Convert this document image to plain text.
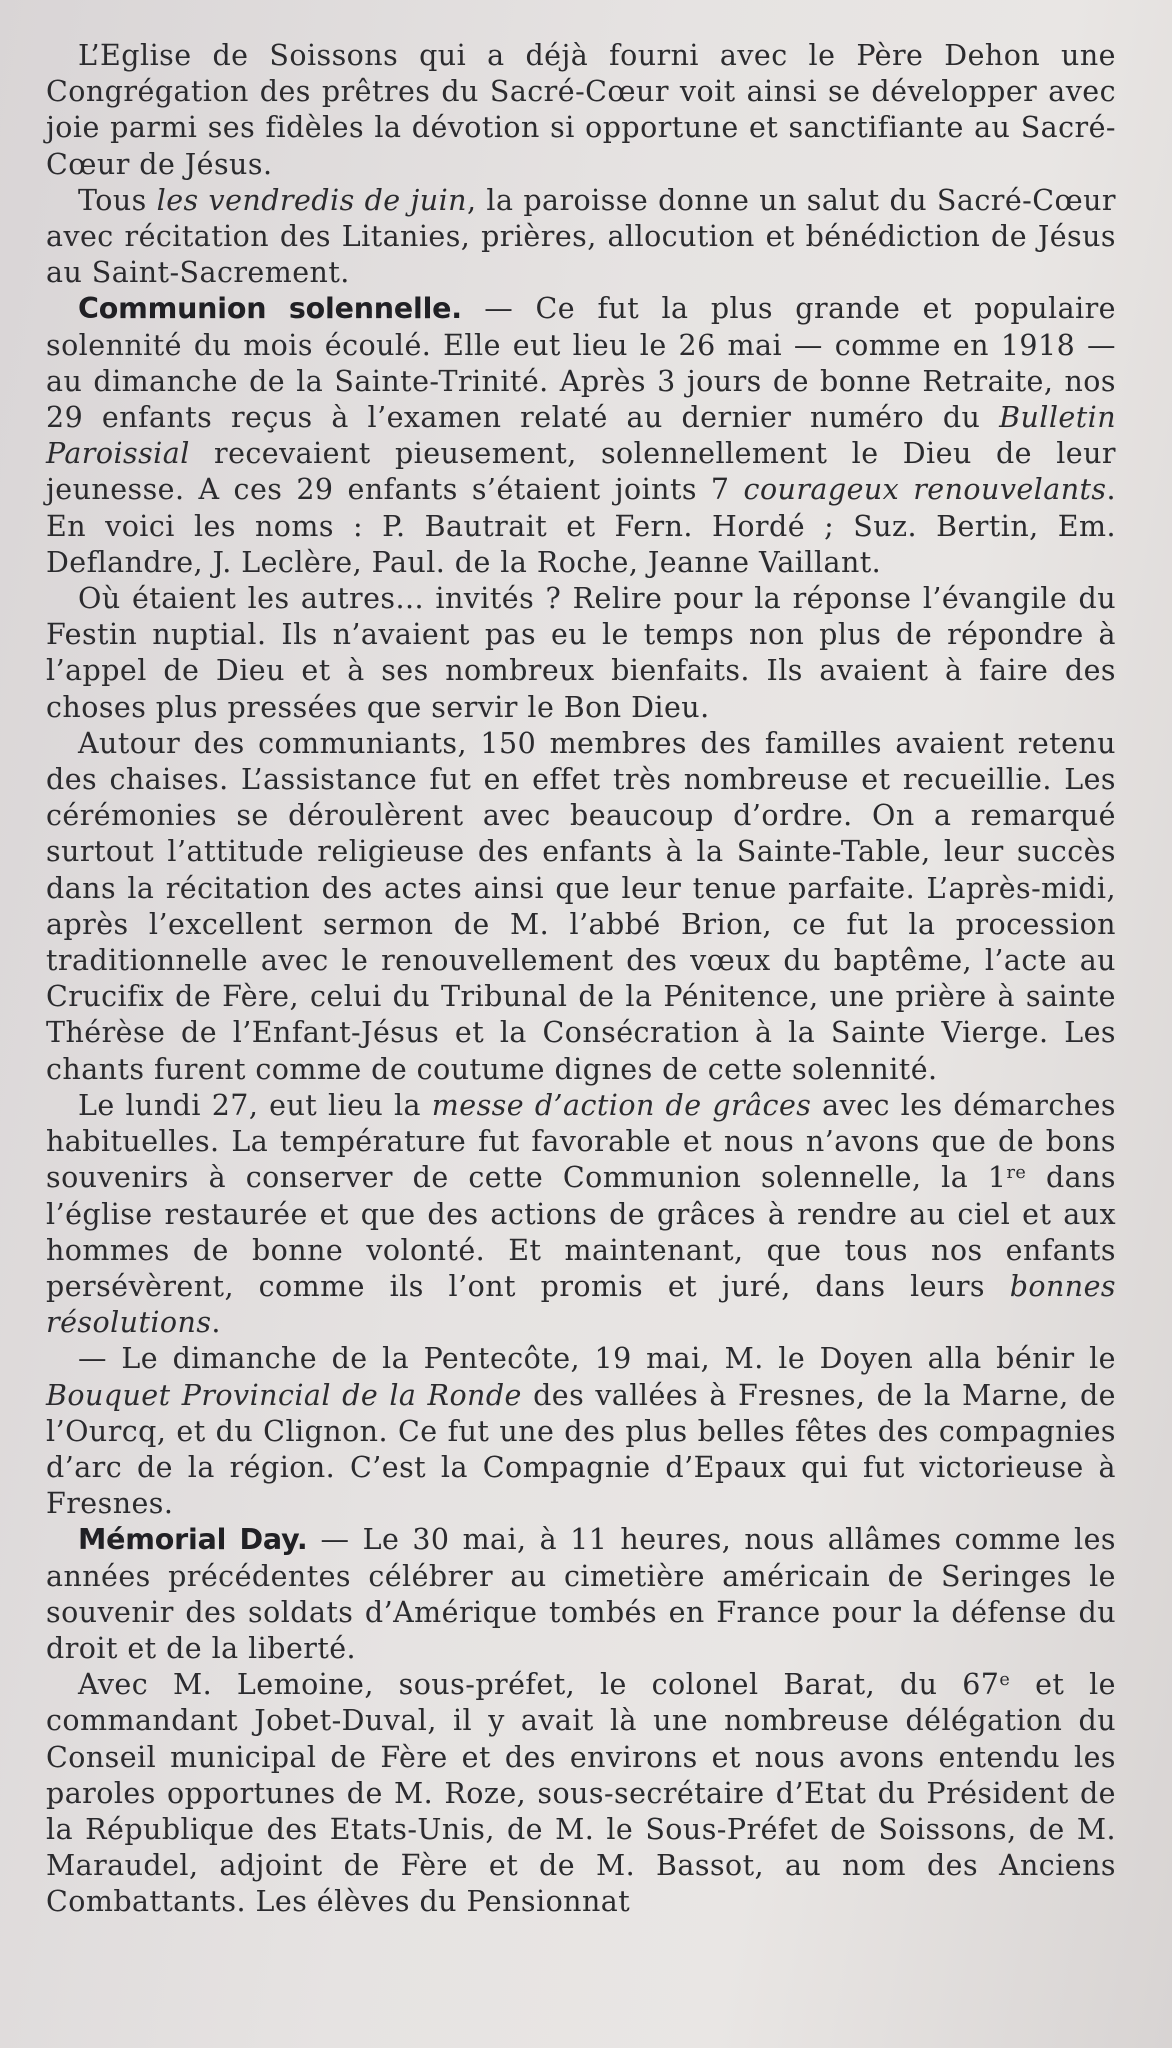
L’Eglise de Soissons qui a déjà fourni avec le Père Dehon une Congrégation des prêtres du Sacré-Cœur voit ainsi se développer avec joie parmi ses fidèles la dévotion si opportune et sanctifiante au Sacré-Cœur de Jésus.

Tous les vendredis de juin, la paroisse donne un salut du Sacré-Cœur avec récitation des Litanies, prières, allocution et bénédiction de Jésus au Saint-Sacrement.

Communion solennelle. — Ce fut la plus grande et populaire solennité du mois écoulé. Elle eut lieu le 26 mai — comme en 1918 — au dimanche de la Sainte-Trinité. Après 3 jours de bonne Retraite, nos 29 enfants reçus à l’examen relaté au dernier numéro du Bulletin Paroissial recevaient pieusement, solennellement le Dieu de leur jeunesse. A ces 29 enfants s’étaient joints 7 courageux renouvelants. En voici les noms : P. Bautrait et Fern. Hordé ; Suz. Bertin, Em. Deflandre, J. Leclère, Paul. de la Roche, Jeanne Vaillant.

Où étaient les autres... invités ? Relire pour la réponse l’évangile du Festin nuptial. Ils n’avaient pas eu le temps non plus de répondre à l’appel de Dieu et à ses nombreux bienfaits. Ils avaient à faire des choses plus pressées que servir le Bon Dieu.

Autour des communiants, 150 membres des familles avaient retenu des chaises. L’assistance fut en effet très nombreuse et recueillie. Les cérémonies se déroulèrent avec beaucoup d’ordre. On a remarqué surtout l’attitude religieuse des enfants à la Sainte-Table, leur succès dans la récitation des actes ainsi que leur tenue parfaite. L’après-midi, après l’excellent sermon de M. l’abbé Brion, ce fut la procession traditionnelle avec le renouvellement des vœux du baptême, l’acte au Crucifix de Fère, celui du Tribunal de la Pénitence, une prière à sainte Thérèse de l’Enfant-Jésus et la Consécration à la Sainte Vierge. Les chants furent comme de coutume dignes de cette solennité.

Le lundi 27, eut lieu la messe d’action de grâces avec les démarches habituelles. La température fut favorable et nous n’avons que de bons souvenirs à conserver de cette Communion solennelle, la 1re dans l’église restaurée et que des actions de grâces à rendre au ciel et aux hommes de bonne volonté. Et maintenant, que tous nos enfants persévèrent, comme ils l’ont promis et juré, dans leurs bonnes résolutions.

— Le dimanche de la Pentecôte, 19 mai, M. le Doyen alla bénir le Bouquet Provincial de la Ronde des vallées à Fresnes, de la Marne, de l’Ourcq, et du Clignon. Ce fut une des plus belles fêtes des compagnies d’arc de la région. C’est la Compagnie d’Epaux qui fut victorieuse à Fresnes.

Mémorial Day. — Le 30 mai, à 11 heures, nous allâmes comme les années précédentes célébrer au cimetière américain de Seringes le souvenir des soldats d’Amérique tombés en France pour la défense du droit et de la liberté.

Avec M. Lemoine, sous-préfet, le colonel Barat, du 67e et le commandant Jobet-Duval, il y avait là une nombreuse délégation du Conseil municipal de Fère et des environs et nous avons entendu les paroles opportunes de M. Roze, sous-secrétaire d’Etat du Président de la République des Etats-Unis, de M. le Sous-Préfet de Soissons, de M. Maraudel, adjoint de Fère et de M. Bassot, au nom des Anciens Combattants. Les élèves du Pensionnat
